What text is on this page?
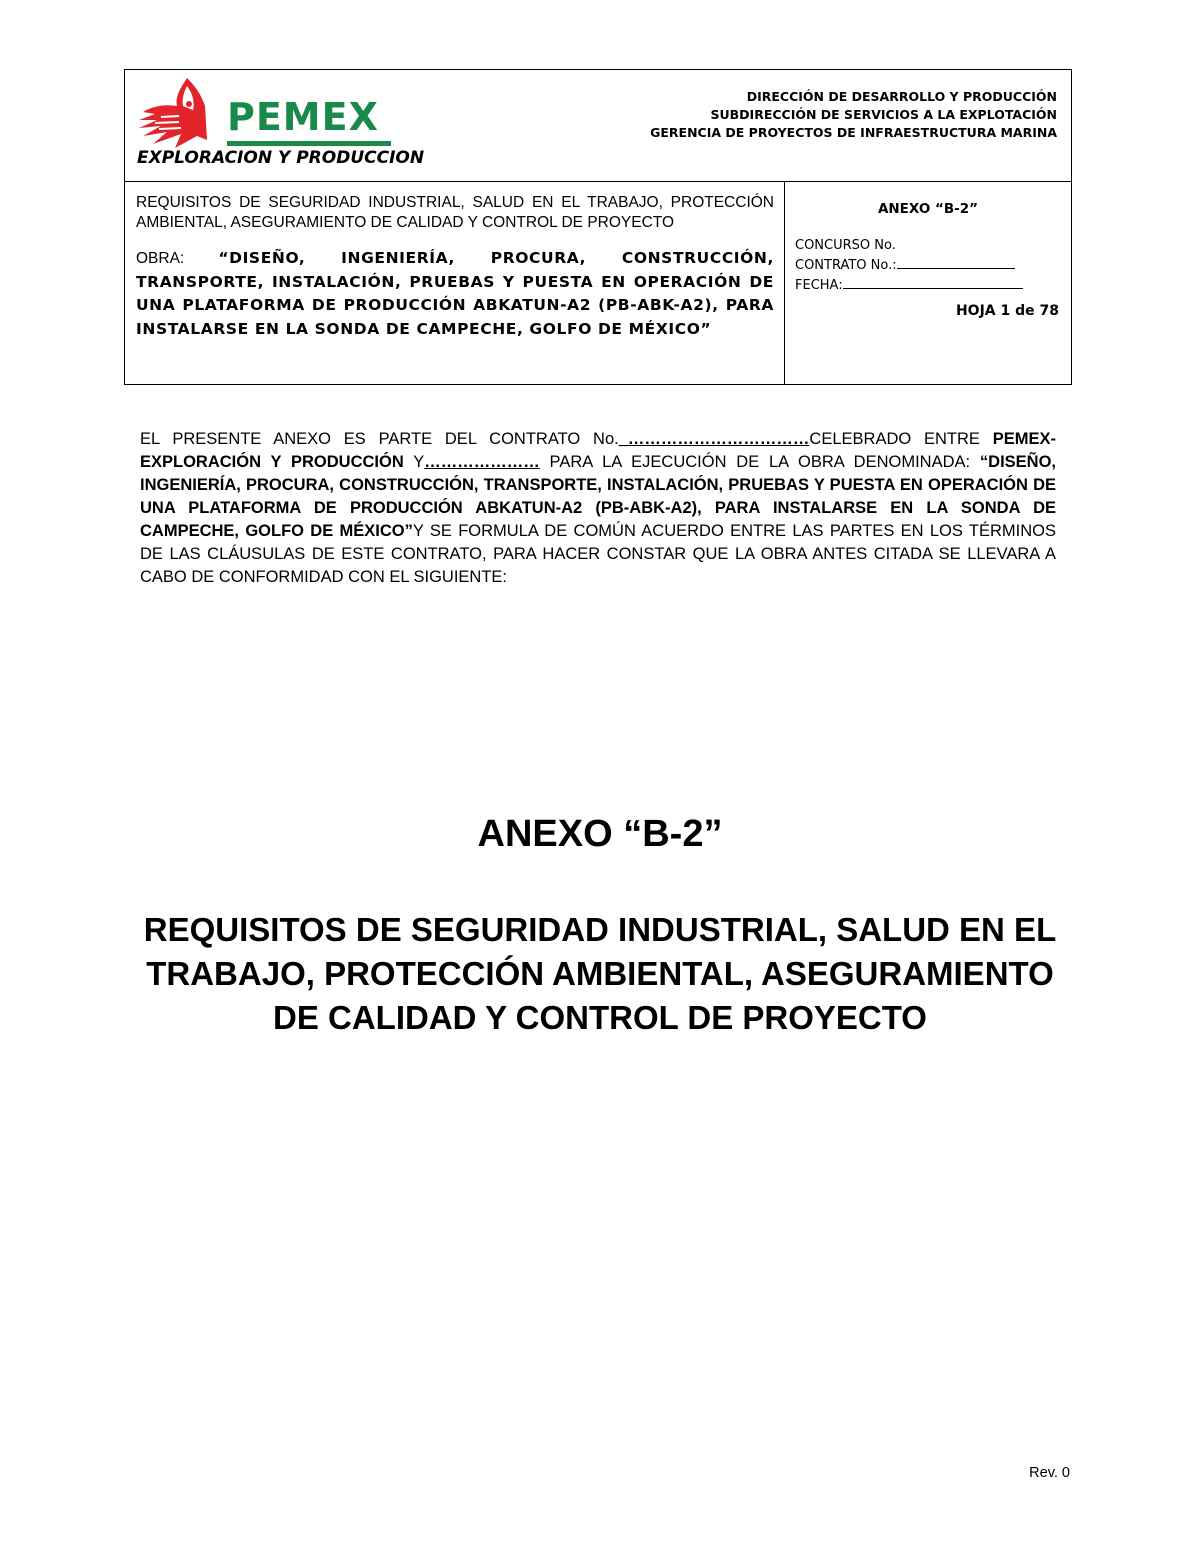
PEMEX
EXPLORACION Y PRODUCCION
DIRECCIÓN DE DESARROLLO Y PRODUCCIÓN
SUBDIRECCIÓN DE SERVICIOS A LA EXPLOTACIÓN
GERENCIA DE PROYECTOS DE INFRAESTRUCTURA MARINA

REQUISITOS DE SEGURIDAD INDUSTRIAL, SALUD EN EL TRABAJO, PROTECCIÓN AMBIENTAL, ASEGURAMIENTO DE CALIDAD Y CONTROL DE PROYECTO

OBRA: “DISEÑO, INGENIERÍA, PROCURA, CONSTRUCCIÓN, TRANSPORTE, INSTALACIÓN, PRUEBAS Y PUESTA EN OPERACIÓN DE UNA PLATAFORMA DE PRODUCCIÓN ABKATUN-A2 (PB-ABK-A2), PARA INSTALARSE EN LA SONDA DE CAMPECHE, GOLFO DE MÉXICO”
ANEXO “B-2”
CONCURSO No.
CONTRATO No.:
FECHA:
HOJA 1 de 78
EL PRESENTE ANEXO ES PARTE DEL CONTRATO No._……………………………CELEBRADO ENTRE PEMEX-EXPLORACIÓN Y PRODUCCIÓN Y………………… PARA LA EJECUCIÓN DE LA OBRA DENOMINADA: “DISEÑO, INGENIERÍA, PROCURA, CONSTRUCCIÓN, TRANSPORTE, INSTALACIÓN, PRUEBAS Y PUESTA EN OPERACIÓN DE UNA PLATAFORMA DE PRODUCCIÓN ABKATUN-A2 (PB-ABK-A2), PARA INSTALARSE EN LA SONDA DE CAMPECHE, GOLFO DE MÉXICO”Y SE FORMULA DE COMÚN ACUERDO ENTRE LAS PARTES EN LOS TÉRMINOS DE LAS CLÁUSULAS DE ESTE CONTRATO, PARA HACER CONSTAR QUE LA OBRA ANTES CITADA SE LLEVARA A CABO DE CONFORMIDAD CON EL SIGUIENTE:
ANEXO “B-2”
REQUISITOS DE SEGURIDAD INDUSTRIAL, SALUD EN EL TRABAJO, PROTECCIÓN AMBIENTAL, ASEGURAMIENTO DE CALIDAD Y CONTROL DE PROYECTO
Rev. 0
